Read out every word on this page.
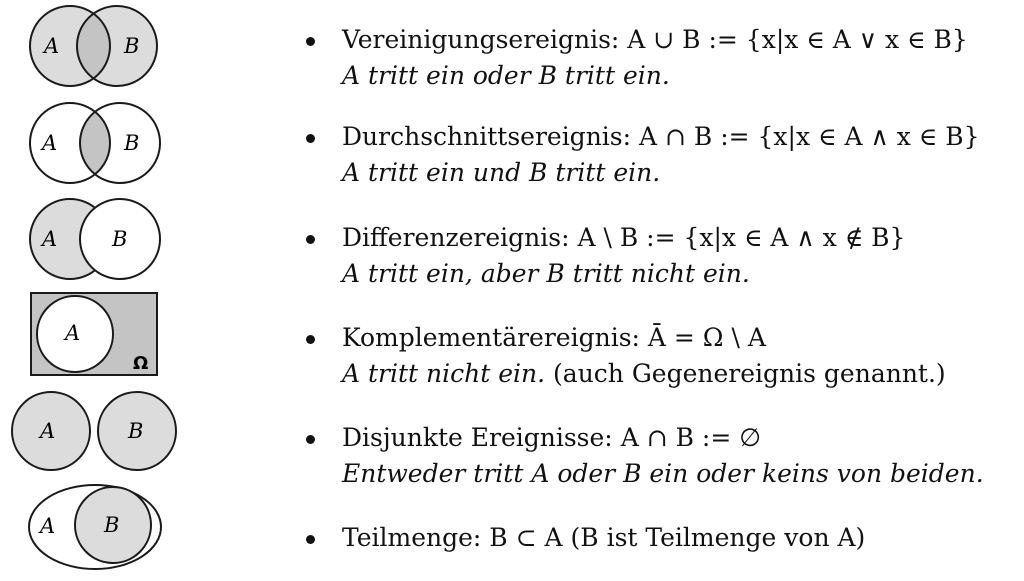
A	B
A	B
A	B
A
Ω
A	B
A B
Vereinigungsereignis: A ∪ B := {x|x ∈ A ∨ x ∈ B}
A tritt ein oder B tritt ein.
Durchschnittsereignis: A ∩ B := {x|x ∈ A ∧ x ∈ B}
A tritt ein und B tritt ein.
Differenzereignis: A \ B := {x|x ∈ A ∧ x ∉ B}
A tritt ein, aber B tritt nicht ein.
Komplementärereignis: Ā = Ω \ A
A tritt nicht ein. (auch Gegenereignis genannt.)
Disjunkte Ereignisse: A ∩ B := ∅
Entweder tritt A oder B ein oder keins von beiden.
Teilmenge: B ⊂ A (B ist Teilmenge von A)
